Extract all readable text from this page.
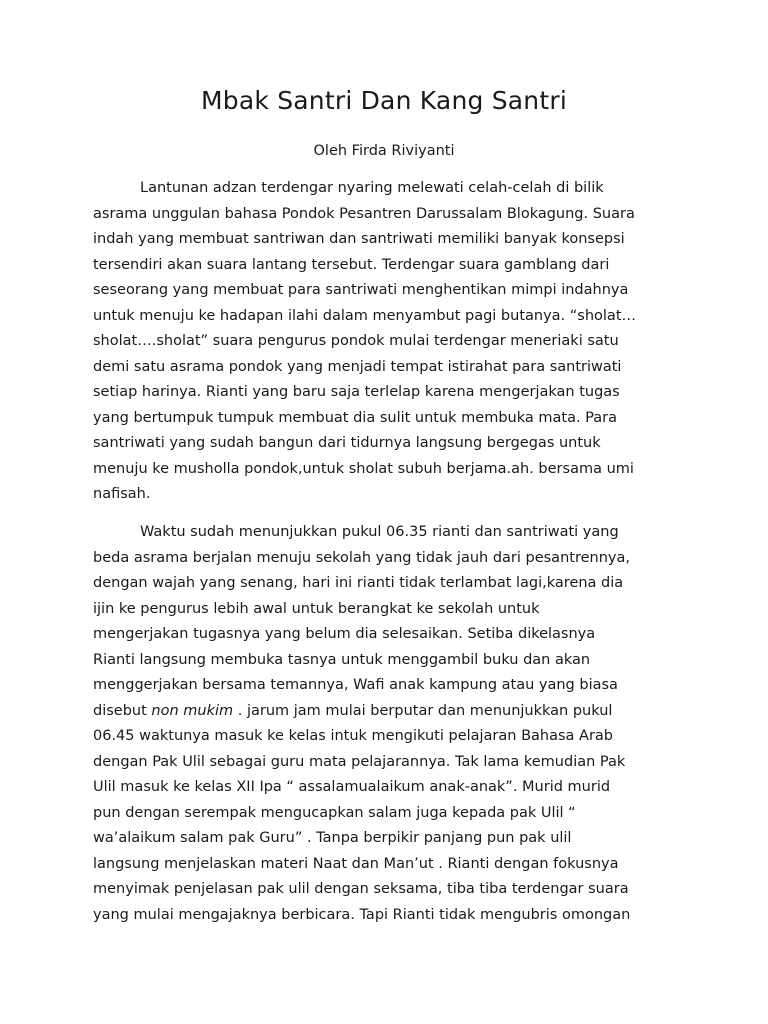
Mbak Santri Dan Kang Santri

Oleh Firda Riviyanti

Lantunan adzan terdengar nyaring melewati celah-celah di bilik
asrama unggulan bahasa Pondok Pesantren Darussalam Blokagung. Suara
indah yang membuat santriwan dan santriwati memiliki banyak konsepsi
tersendiri akan suara lantang tersebut. Terdengar suara gamblang dari
seseorang yang membuat para santriwati menghentikan mimpi indahnya
untuk menuju ke hadapan ilahi dalam menyambut pagi butanya. “sholat…
sholat….sholat” suara pengurus pondok mulai terdengar meneriaki satu
demi satu asrama pondok yang menjadi tempat istirahat para santriwati
setiap harinya. Rianti yang baru saja terlelap karena mengerjakan tugas
yang bertumpuk tumpuk membuat dia sulit untuk membuka mata. Para
santriwati yang sudah bangun dari tidurnya langsung bergegas untuk
menuju ke musholla pondok,untuk sholat subuh berjama.ah. bersama umi
nafisah.
Waktu sudah menunjukkan pukul 06.35 rianti dan santriwati yang
beda asrama berjalan menuju sekolah yang tidak jauh dari pesantrennya,
dengan wajah yang senang, hari ini rianti tidak terlambat lagi,karena dia
ijin ke pengurus lebih awal untuk berangkat ke sekolah untuk
mengerjakan tugasnya yang belum dia selesaikan. Setiba dikelasnya
Rianti langsung membuka tasnya untuk menggambil buku dan akan
menggerjakan bersama temannya, Wafi anak kampung atau yang biasa
disebut non mukim . jarum jam mulai berputar dan menunjukkan pukul
06.45 waktunya masuk ke kelas intuk mengikuti pelajaran Bahasa Arab
dengan Pak Ulil sebagai guru mata pelajarannya. Tak lama kemudian Pak
Ulil masuk ke kelas XII Ipa “ assalamualaikum anak-anak”. Murid murid
pun dengan serempak mengucapkan salam juga kepada pak Ulil “
wa’alaikum salam pak Guru” . Tanpa berpikir panjang pun pak ulil
langsung menjelaskan materi Naat dan Man’ut . Rianti dengan fokusnya
menyimak penjelasan pak ulil dengan seksama, tiba tiba terdengar suara
yang mulai mengajaknya berbicara. Tapi Rianti tidak mengubris omongan
